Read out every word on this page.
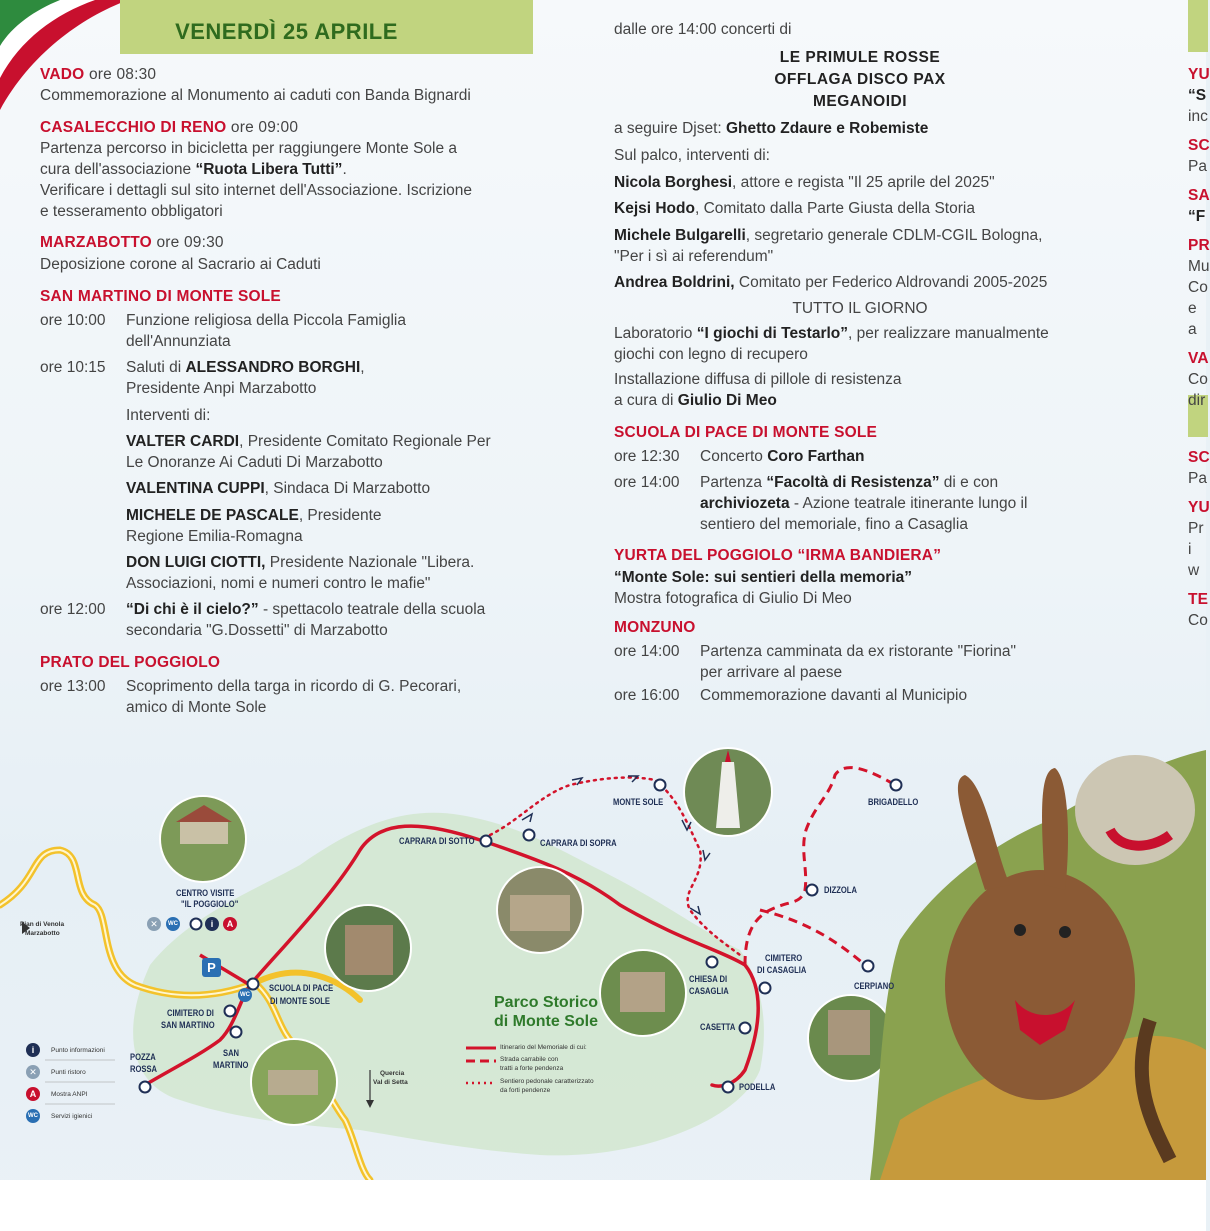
VENERDÌ 25 APRILE
VADO ore 08:30
Commemorazione al Monumento ai caduti con Banda Bignardi
CASALECCHIO DI RENO ore 09:00
Partenza percorso in bicicletta per raggiungere Monte Sole a
cura dell'associazione “Ruota Libera Tutti”.
Verificare i dettagli sul sito internet dell'Associazione. Iscrizione
e tesseramento obbligatori
MARZABOTTO ore 09:30
Deposizione corone al Sacrario ai Caduti
SAN MARTINO DI MONTE SOLE
ore 10:00 Funzione religiosa della Piccola Famiglia
dell'Annunziata
ore 10:15 Saluti di ALESSANDRO BORGHI,
Presidente Anpi Marzabotto
Interventi di:
VALTER CARDI, Presidente Comitato Regionale Per
Le Onoranze Ai Caduti Di Marzabotto
VALENTINA CUPPI, Sindaca Di Marzabotto
MICHELE DE PASCALE, Presidente
Regione Emilia-Romagna
DON LUIGI CIOTTI, Presidente Nazionale "Libera.
Associazioni, nomi e numeri contro le mafie"
ore 12:00 “Di chi è il cielo?” - spettacolo teatrale della scuola
secondaria "G.Dossetti" di Marzabotto
PRATO DEL POGGIOLO
ore 13:00 Scoprimento della targa in ricordo di G. Pecorari,
amico di Monte Sole
dalle ore 14:00 concerti di
LE PRIMULE ROSSE
OFFLAGA DISCO PAX
MEGANOIDI
a seguire Djset: Ghetto Zdaure e Robemiste
Sul palco, interventi di:
Nicola Borghesi, attore e regista "Il 25 aprile del 2025"
Kejsi Hodo, Comitato dalla Parte Giusta della Storia
Michele Bulgarelli, segretario generale CDLM-CGIL Bologna,
"Per i sì ai referendum"
Andrea Boldrini, Comitato per Federico Aldrovandi 2005-2025
TUTTO IL GIORNO
Laboratorio “I giochi di Testarlo”, per realizzare manualmente
giochi con legno di recupero
Installazione diffusa di pillole di resistenza
a cura di Giulio Di Meo
SCUOLA DI PACE DI MONTE SOLE
ore 12:30 Concerto Coro Farthan
ore 14:00 Partenza “Facoltà di Resistenza” di e con
archiviozeta - Azione teatrale itinerante lungo il
sentiero del memoriale, fino a Casaglia
YURTA DEL POGGIOLO “IRMA BANDIERA”
“Monte Sole: sui sentieri della memoria”
Mostra fotografica di Giulio Di Meo
MONZUNO
ore 14:00 Partenza camminata da ex ristorante "Fiorina"
per arrivare al paese
ore 16:00 Commemorazione davanti al Municipio
YU
“S
inc
SC
Pa
SA
“F
PR
Mu
Co
e a
VA
Co
dir
SC
Pa
YU
Pr
i w
TE
Co
MONTE SOLE	BRIGADELLO
CAPRARA DI SOTTO	CAPRARA DI SOPRA
DIZZOLA
CENTRO VISITE
"IL POGGIOLO"
CIMITERO
DI CASAGLIA
CHIESA DI
CASAGLIA	CERPIANO
SCUOLA DI PACE
DI MONTE SOLE
CIMITERO DI
SAN MARTINO	CASETTA
POZZA
ROSSA
SAN
MARTINO
PODELLA
Pian di Venola
Marzabotto
Quercia
Val di Setta
Parco Storico
di Monte Sole
✕	WC	i	A
P
WC
i	Punto informazioni
✕	Punti ristoro
A	Mostra ANPI
WC	Servizi igienici
Itinerario del Memoriale di cui:
Strada carrabile con
tratti a forte pendenza
Sentiero pedonale caratterizzato
da forti pendenze
